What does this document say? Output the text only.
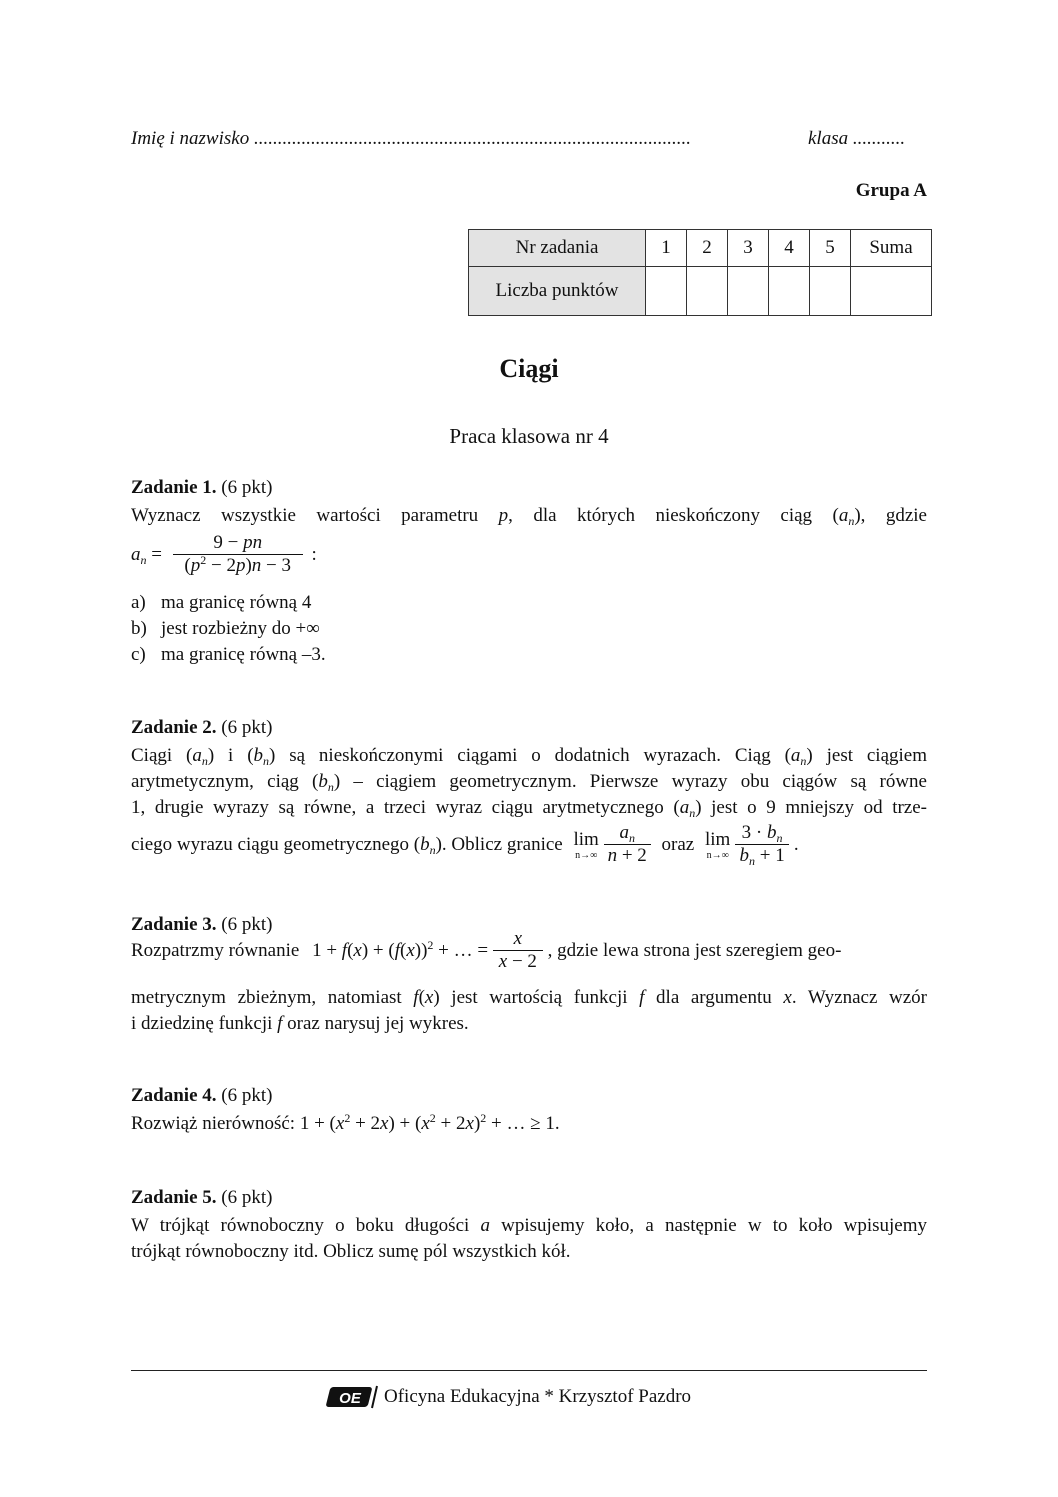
Imię i nazwisko ............................................................................................	klasa ...........
Grupa A
Nr zadania	1	2	3	4	5	Suma
Liczba punktów						
Ciągi
Praca klasowa nr 4
Zadanie 1. (6 pkt)
Wyznacz wszystkie wartości parametru p, dla których nieskończony ciąg $(a_n)$, gdzie
$a_n = \frac{9 - pn}{(p^2 - 2p)n - 3}$ :
a) ma granicę równą 4
b) jest rozbieżny do +∞
c) ma granicę równą –3.
Zadanie 2. (6 pkt)
Ciągi $(a_n)$ i $(b_n)$ są nieskończonymi ciągami o dodatnich wyrazach. Ciąg $(a_n)$ jest ciągiem
arytmetycznym, ciąg $(b_n)$ – ciągiem geometrycznym. Pierwsze wyrazy obu ciągów są równe
1, drugie wyrazy są równe, a trzeci wyraz ciągu arytmetycznego $(a_n)$ jest o 9 mniejszy od trze-
ciego wyrazu ciągu geometrycznego $(b_n)$. Oblicz granice lim
n→∞
$\frac{a_n}{n + 2}$ oraz lim
n→∞
$\frac{3 \cdot b_n}{b_n + 1}$ .
Zadanie 3. (6 pkt)
Rozpatrzmy równanie $1 + f(x) + (f(x))^2$ + … = $\frac{x}{x - 2}$ , gdzie lewa strona jest szeregiem geo-
metrycznym zbieżnym, natomiast f(x) jest wartością funkcji f dla argumentu x. Wyznacz wzór
i dziedzinę funkcji f oraz narysuj jej wykres.
Zadanie 4. (6 pkt)
Rozwiąż nierówność: $1 + (x^2 + 2x) + (x^2 + 2x)^2$ + … ≥ 1.
Zadanie 5. (6 pkt)
W trójkąt równoboczny o boku długości a wpisujemy koło, a następnie w to koło wpisujemy
trójkąt równoboczny itd. Oblicz sumę pól wszystkich kół.
OE Oficyna Edukacyjna * Krzysztof Pazdro
